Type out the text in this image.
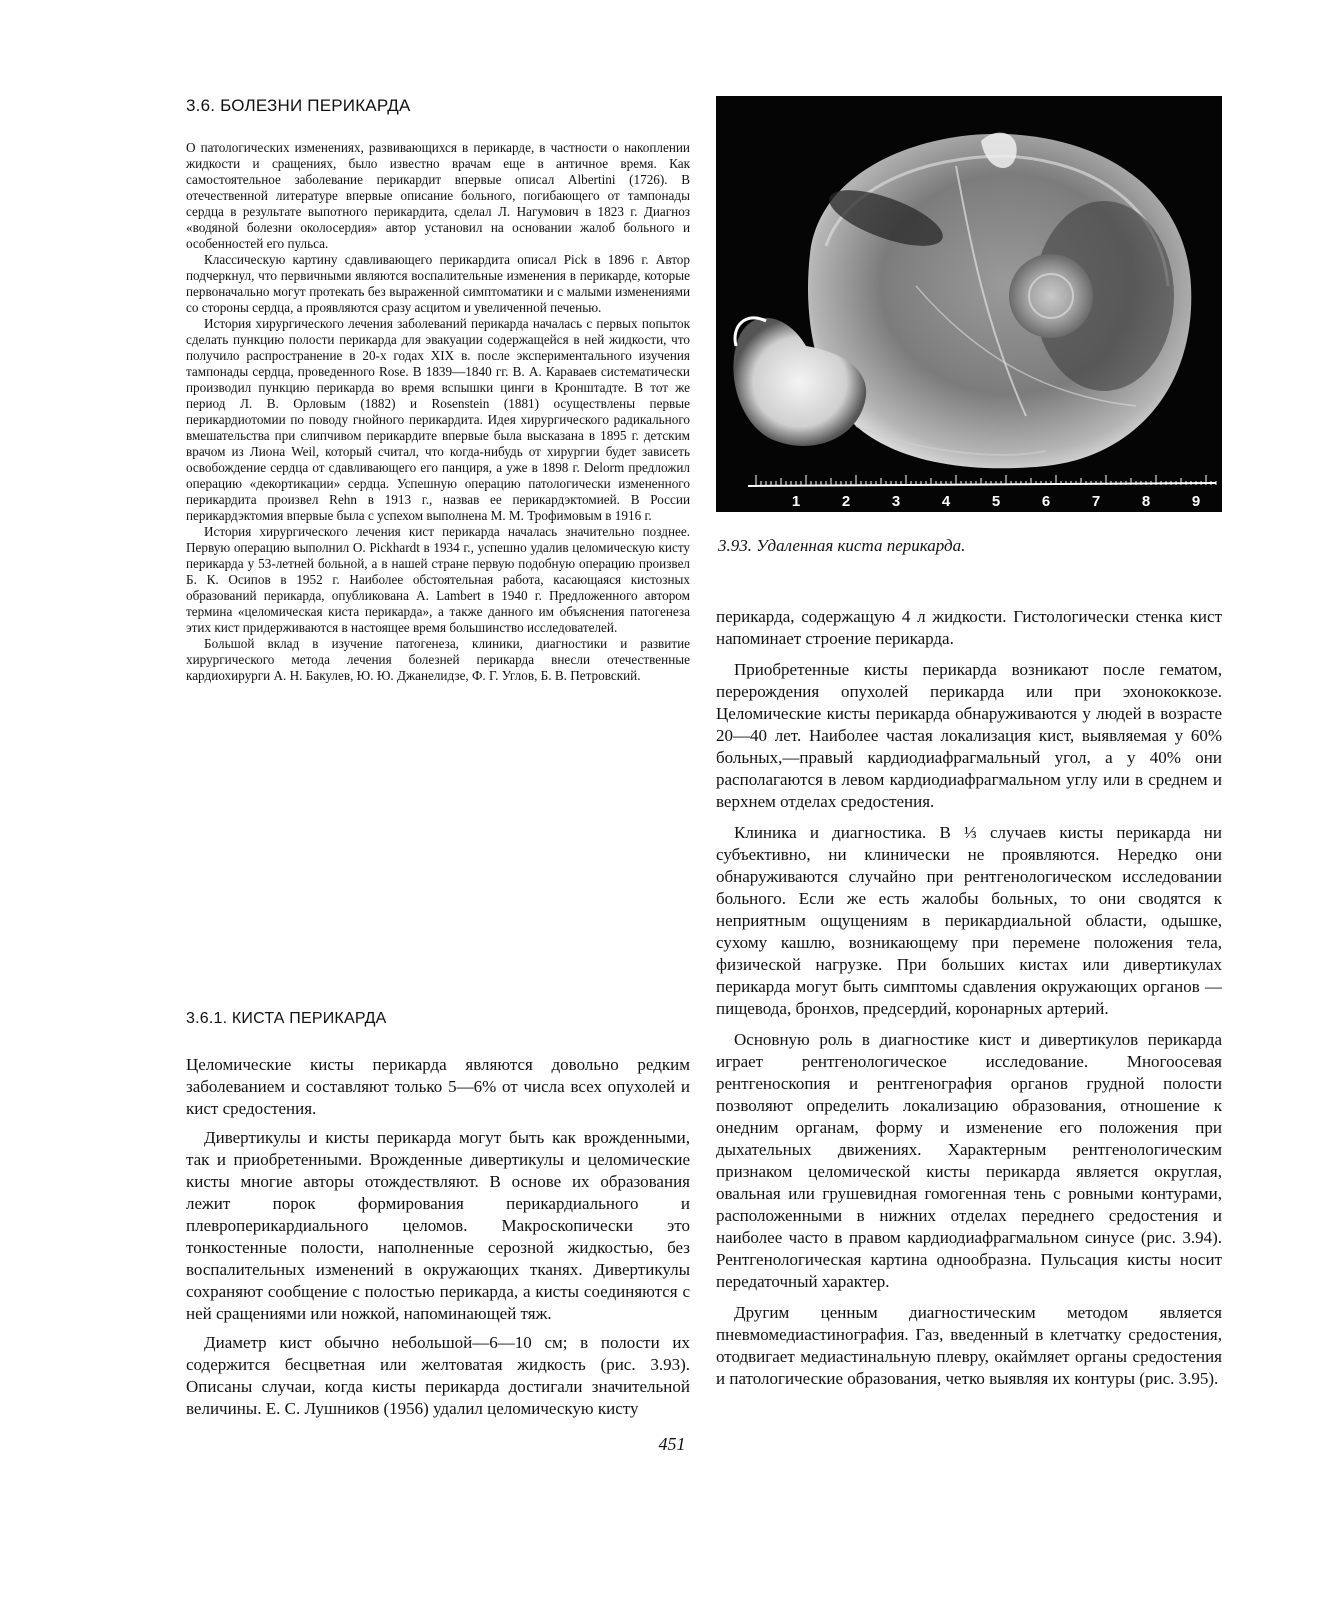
3.6. БОЛЕЗНИ ПЕРИКАРДА

О патологических изменениях, развивающихся в перикарде, в частности о накоплении жидкости и сращениях, было известно врачам еще в античное время. Как самостоятельное заболевание перикардит впервые описал Albertini (1726). В отечественной литературе впервые описание больного, погибающего от тампонады сердца в результате выпотного перикардита, сделал Л. Нагумович в 1823 г. Диагноз «водяной болезни околосердия» автор установил на основании жалоб больного и особенностей его пульса.

Классическую картину сдавливающего перикардита описал Pick в 1896 г. Автор подчеркнул, что первичными являются воспалительные изменения в перикарде, которые первоначально могут протекать без выраженной симптоматики и с малыми изменениями со стороны сердца, а проявляются сразу асцитом и увеличенной печенью.

История хирургического лечения заболеваний перикарда началась с первых попыток сделать пункцию полости перикарда для эвакуации содержащейся в ней жидкости, что получило распространение в 20-х годах XIX в. после экспериментального изучения тампонады сердца, проведенного Rose. В 1839—1840 гг. В. А. Караваев систематически производил пункцию перикарда во время вспышки цинги в Кронштадте. В тот же период Л. В. Орловым (1882) и Rosenstein (1881) осуществлены первые перикардиотомии по поводу гнойного перикардита. Идея хирургического радикального вмешательства при слипчивом перикардите впервые была высказана в 1895 г. детским врачом из Лиона Weil, который считал, что когда-нибудь от хирургии будет зависеть освобождение сердца от сдавливающего его панциря, а уже в 1898 г. Delorm предложил операцию «декортикации» сердца. Успешную операцию патологически измененного перикардита произвел Rehn в 1913 г., назвав ее перикардэктомией. В России перикардэктомия впервые была с успехом выполнена М. М. Трофимовым в 1916 г.

История хирургического лечения кист перикарда началась значительно позднее. Первую операцию выполнил O. Pickhardt в 1934 г., успешно удалив целомическую кисту перикарда у 53-летней больной, а в нашей стране первую подобную операцию произвел Б. К. Осипов в 1952 г. Наиболее обстоятельная работа, касающаяся кистозных образований перикарда, опубликована A. Lambert в 1940 г. Предложенного автором термина «целомическая киста перикарда», а также данного им объяснения патогенеза этих кист придерживаются в настоящее время большинство исследователей.

Большой вклад в изучение патогенеза, клиники, диагностики и развитие хирургического метода лечения болезней перикарда внесли отечественные кардиохирурги А. Н. Бакулев, Ю. Ю. Джанелидзе, Ф. Г. Углов, Б. В. Петровский.

3.6.1. КИСТА ПЕРИКАРДА

Целомические кисты перикарда являются довольно редким заболеванием и составляют только 5—6% от числа всех опухолей и кист средостения.

Дивертикулы и кисты перикарда могут быть как врожденными, так и приобретенными. Врожденные дивертикулы и целомические кисты многие авторы отождествляют. В основе их образования лежит порок формирования перикардиального и плевроперикардиального целомов. Макроскопически это тонкостенные полости, наполненные серозной жидкостью, без воспалительных изменений в окружающих тканях. Дивертикулы сохраняют сообщение с полостью перикарда, а кисты соединяются с ней сращениями или ножкой, напоминающей тяж.

Диаметр кист обычно небольшой—6—10 см; в полости их содержится бесцветная или желтоватая жидкость (рис. 3.93). Описаны случаи, когда кисты перикарда достигали значительной величины. Е. С. Лушников (1956) удалил целомическую кисту

1	2	3	4	5	6	7	8	9
3.93. Удаленная киста перикарда.

перикарда, содержащую 4 л жидкости. Гистологически стенка кист напоминает строение перикарда.

Приобретенные кисты перикарда возникают после гематом, перерождения опухолей перикарда или при эхонококкозе. Целомические кисты перикарда обнаруживаются у людей в возрасте 20—40 лет. Наиболее частая локализация кист, выявляемая у 60% больных,—правый кардиодиафрагмальный угол, а у 40% они располагаются в левом кардиодиафрагмальном углу или в среднем и верхнем отделах средостения.

Клиника и диагностика. В ⅓ случаев кисты перикарда ни субъективно, ни клинически не проявляются. Нередко они обнаруживаются случайно при рентгенологическом исследовании больного. Если же есть жалобы больных, то они сводятся к неприятным ощущениям в перикардиальной области, одышке, сухому кашлю, возникающему при перемене положения тела, физической нагрузке. При больших кистах или дивертикулах перикарда могут быть симптомы сдавления окружающих органов — пищевода, бронхов, предсердий, коронарных артерий.

Основную роль в диагностике кист и дивертикулов перикарда играет рентгенологическое исследование. Многоосевая рентгеноскопия и рентгенография органов грудной полости позволяют определить локализацию образования, отношение к онедним органам, форму и изменение его положения при дыхательных движениях. Характерным рентгенологическим признаком целомической кисты перикарда является округлая, овальная или грушевидная гомогенная тень с ровными контурами, расположенными в нижних отделах переднего средостения и наиболее часто в правом кардиодиафрагмальном синусе (рис. 3.94). Рентгенологическая картина однообразна. Пульсация кисты носит передаточный характер.

Другим ценным диагностическим методом является пневмомедиастинография. Газ, введенный в клетчатку средостения, отодвигает медиастинальную плевру, окаймляет органы средостения и патологические образования, четко выявляя их контуры (рис. 3.95).

451
